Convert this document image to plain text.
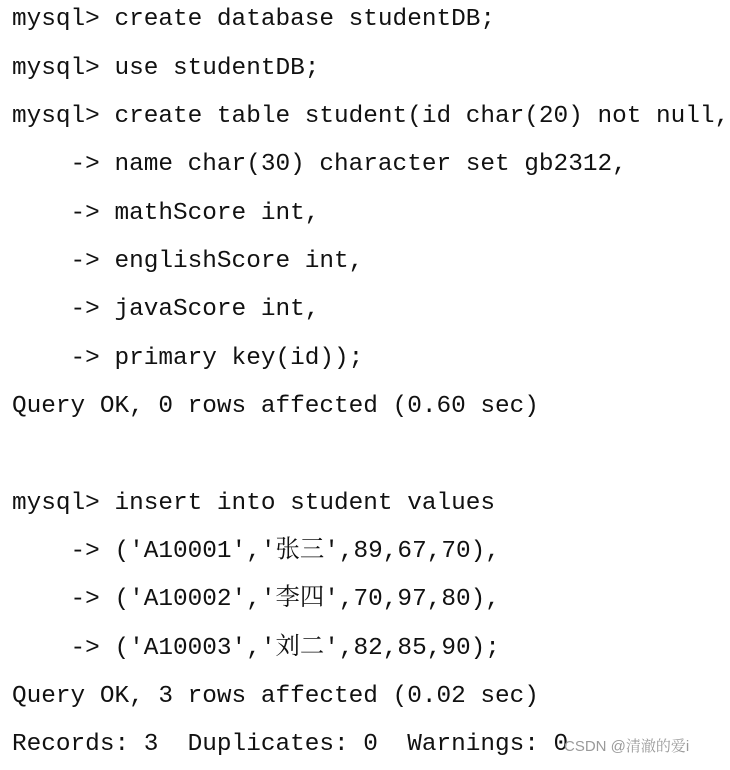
mysql> create database studentDB;
mysql> use studentDB;
mysql> create table student(id char(20) not null,
-> name char(30) character set gb2312,
-> mathScore int,
-> englishScore int,
-> javaScore int,
-> primary key(id));
Query OK, 0 rows affected (0.60 sec)
mysql> insert into student values
-> ('A10001','张三',89,67,70),
-> ('A10002','李四',70,97,80),
-> ('A10003','刘二',82,85,90);
Query OK, 3 rows affected (0.02 sec)
Records: 3  Duplicates: 0  Warnings: 0
CSDN @清澈的爱i
